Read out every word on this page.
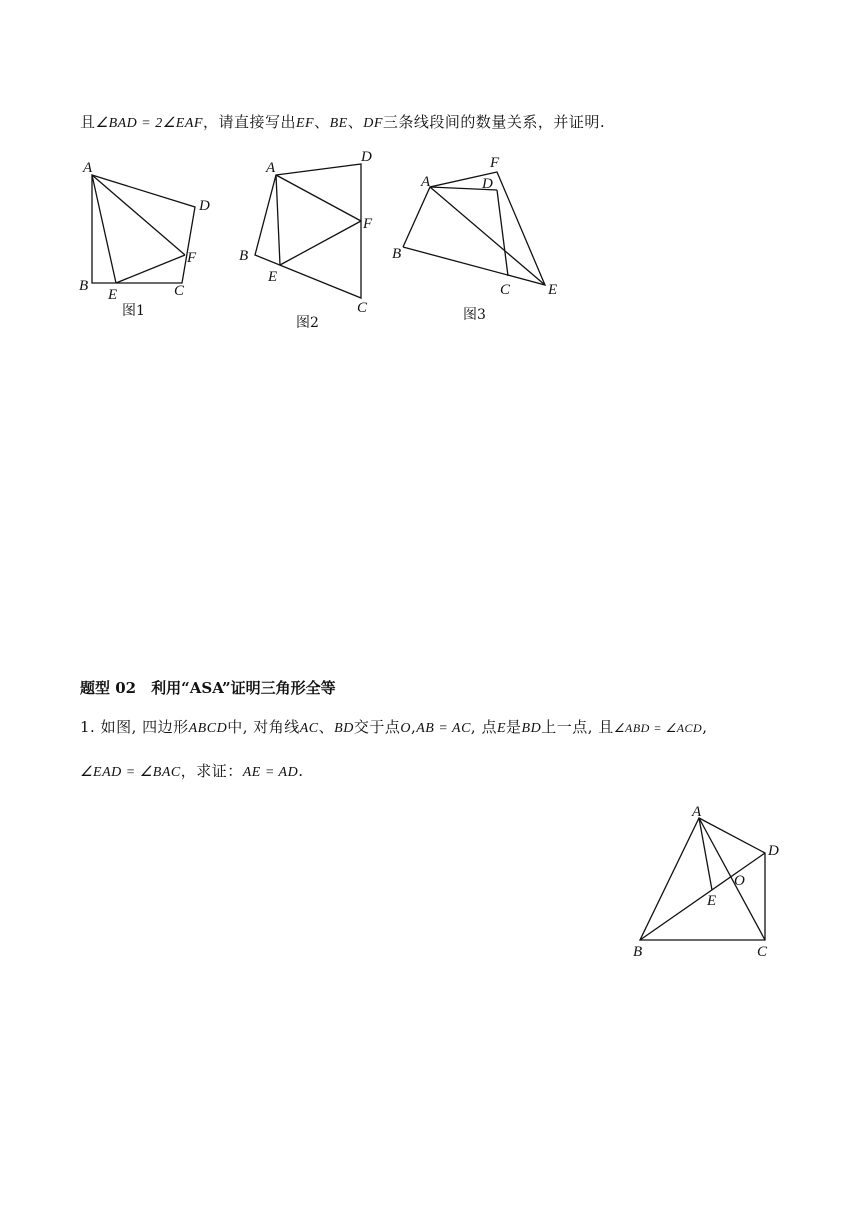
且∠BAD = 2∠EAF，请直接写出EF、BE、DF三条线段间的数量关系，并证明.
A
D
F
B
E	C
图1
A
D
F
B
E
C
图2
F
A	D
B
C	E
图3
题型 02　利用“ASA”证明三角形全等
1. 如图, 四边形ABCD中, 对角线AC、BD交于点O,AB = AC, 点E是BD上一点, 且∠ABD = ∠ACD,
∠EAD = ∠BAC，求证：AE = AD.
A
D
O
E
B	C
